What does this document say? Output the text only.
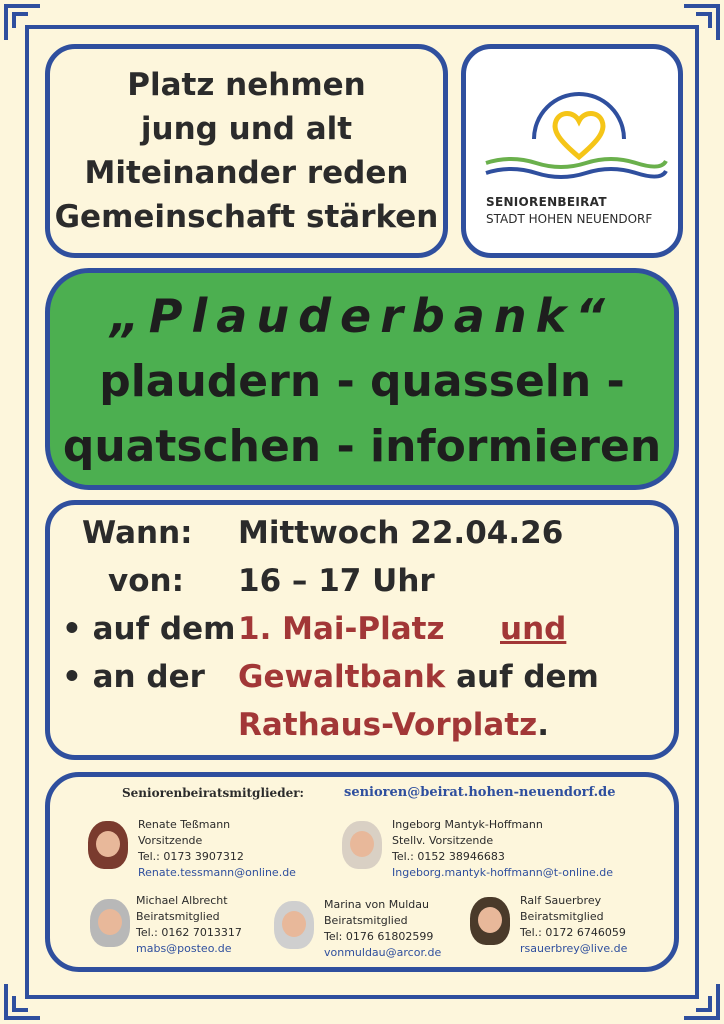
Platz nehmen
jung und alt
Miteinander reden
Gemeinschaft stärken	SENIORENBEIRAT
STADT HOHEN NEUENDORF
„Plauderbank“
plaudern - quasseln -
quatschen - informieren
Wann: Mittwoch 22.04.26
von: 16 – 17 Uhr
• auf dem 1. Mai-Platz und
• an der Gewaltbank auf dem
Rathaus-Vorplatz.
Seniorenbeiratsmitglieder:	senioren@beirat.hohen-neuendorf.de
Renate Teßmann
Vorsitzende
Tel.: 0173 3907312
Renate.tessmann@online.de
Ingeborg Mantyk-Hoffmann
Stellv. Vorsitzende
Tel.: 0152 38946683
Ingeborg.mantyk-hoffmann@t-online.de
Michael Albrecht
Beiratsmitglied
Tel.: 0162 7013317
mabs@posteo.de
Marina von Muldau
Beiratsmitglied
Tel: 0176 61802599
vonmuldau@arcor.de
Ralf Sauerbrey
Beiratsmitglied
Tel.: 0172 6746059
rsauerbrey@live.de
